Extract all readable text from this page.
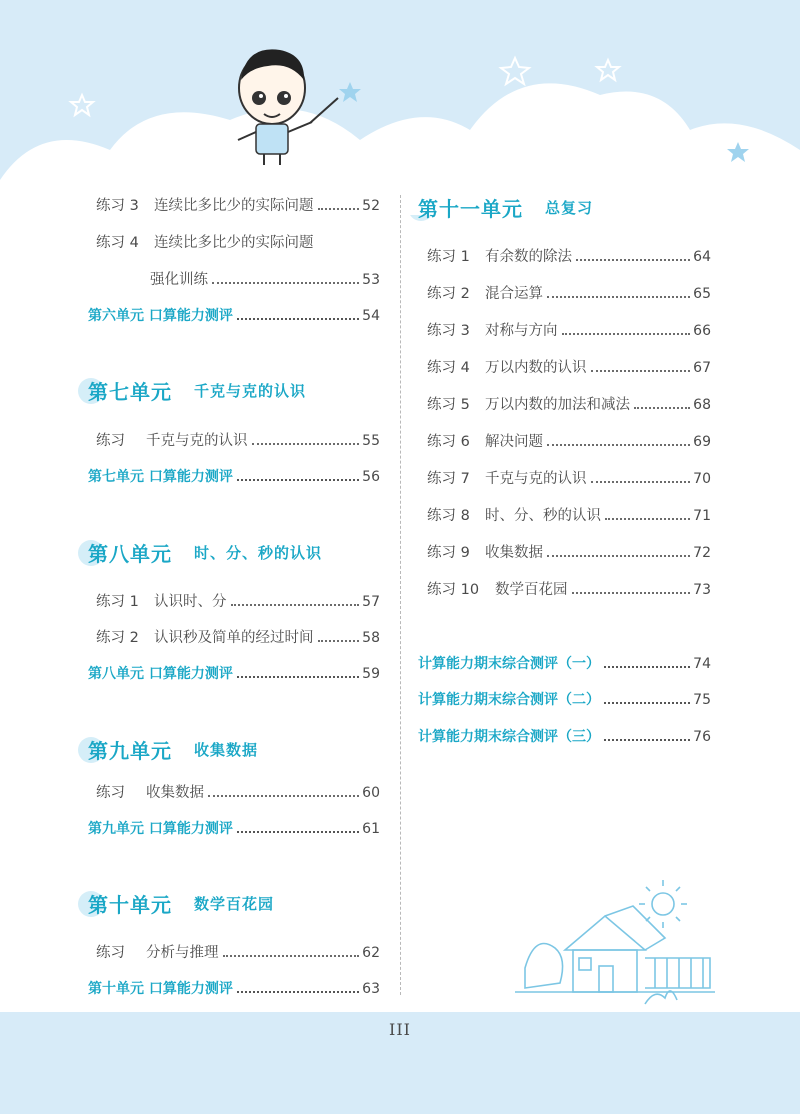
练习 3	连续比多比少的实际问题	52
练习 4	连续比多比少的实际问题
强化训练	53
第六单元 口算能力测评	54
第七单元 千克与克的认识
练习	千克与克的认识	55
第七单元 口算能力测评	56
第八单元 时、分、秒的认识
练习 1	认识时、分	57
练习 2	认识秒及简单的经过时间	58
第八单元 口算能力测评	59
第九单元 收集数据
练习	收集数据	60
第九单元 口算能力测评	61
第十单元 数学百花园
练习	分析与推理	62
第十单元 口算能力测评	63
第十一单元 总复习
练习 1	有余数的除法	64
练习 2	混合运算	65
练习 3	对称与方向	66
练习 4	万以内数的认识	67
练习 5	万以内数的加法和减法	68
练习 6	解决问题	69
练习 7	千克与克的认识	70
练习 8	时、分、秒的认识	71
练习 9	收集数据	72
练习 10	数学百花园	73
计算能力期末综合测评（一）	74
计算能力期末综合测评（二）	75
计算能力期末综合测评（三）	76
III
